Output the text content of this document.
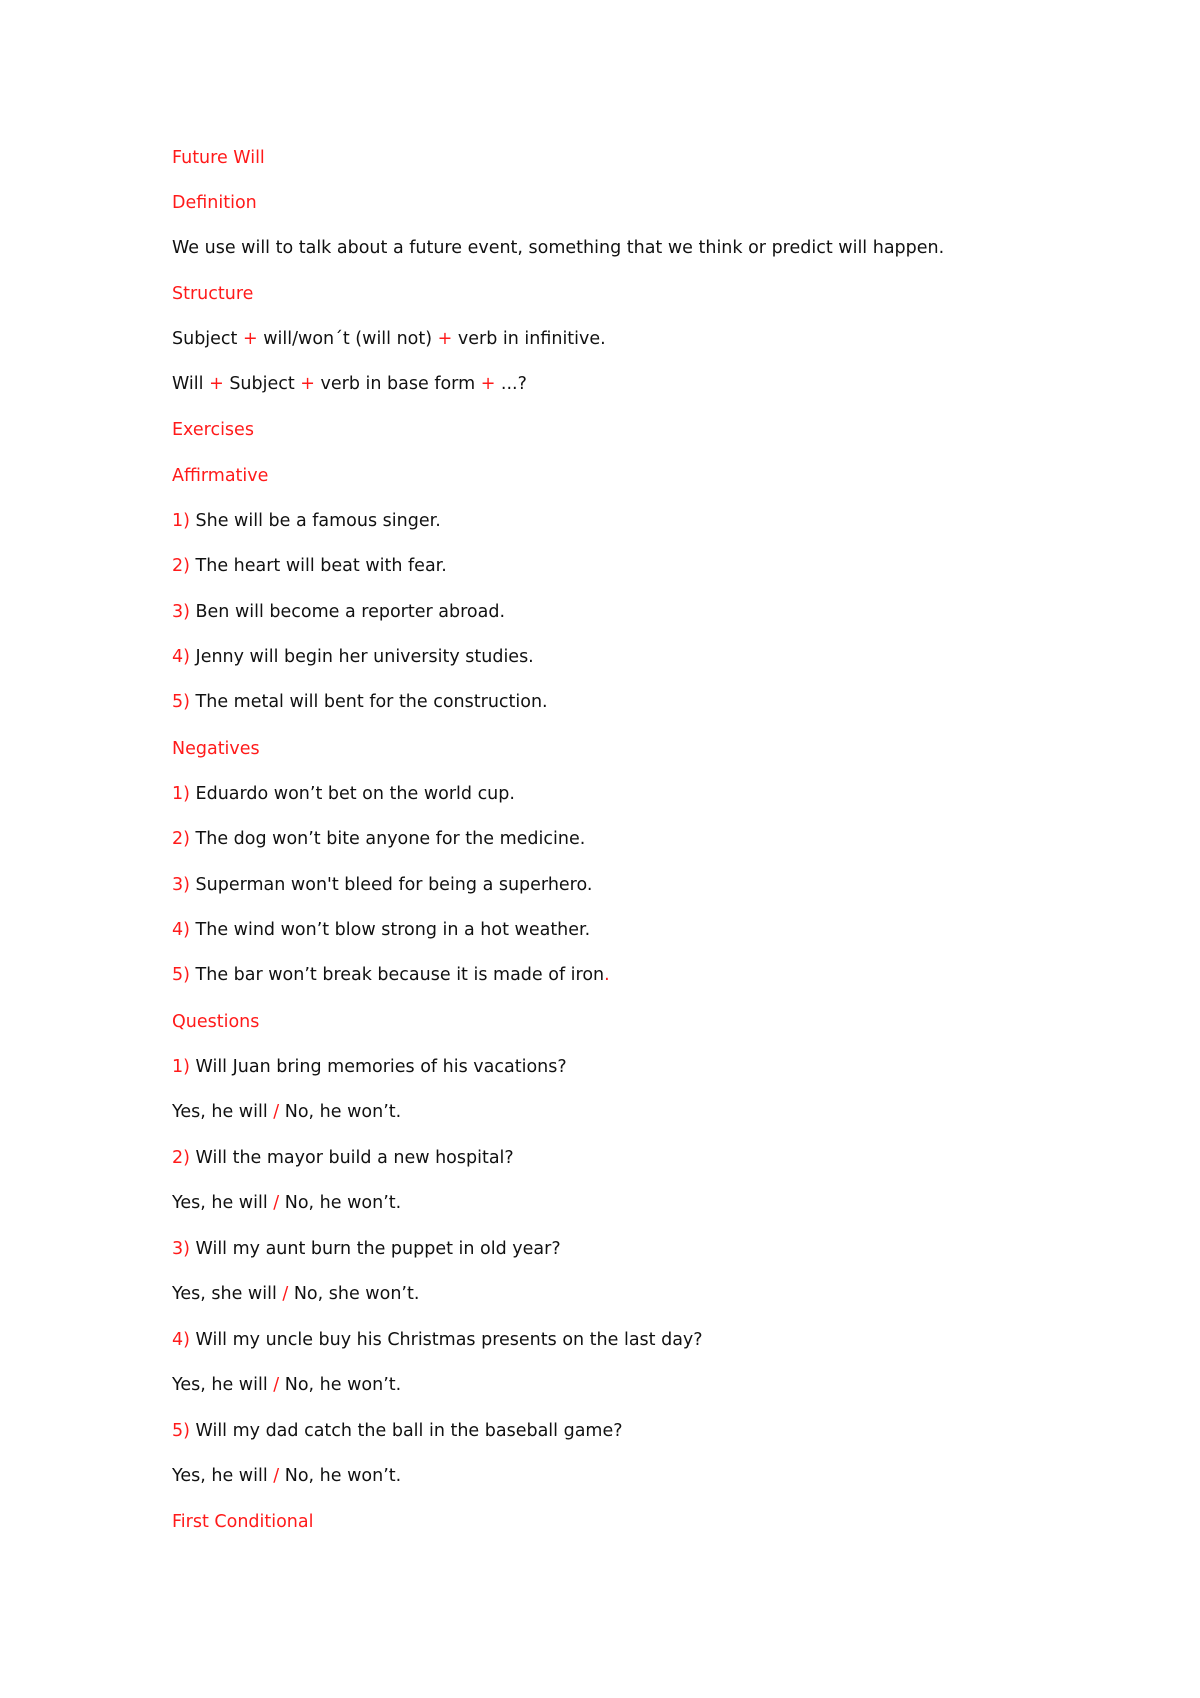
Future Will
Definition
We use will to talk about a future event, something that we think or predict will happen.
Structure
Subject + will/won´t (will not) + verb in infinitive.
Will + Subject + verb in base form + ...?
Exercises
Affirmative
1) She will be a famous singer.
2) The heart will beat with fear.
3) Ben will become a reporter abroad.
4) Jenny will begin her university studies.
5) The metal will bent for the construction.
Negatives
1) Eduardo won’t bet on the world cup.
2) The dog won’t bite anyone for the medicine.
3) Superman won't bleed for being a superhero.
4) The wind won’t blow strong in a hot weather.
5) The bar won’t break because it is made of iron.
Questions
1) Will Juan bring memories of his vacations?
Yes, he will / No, he won’t.
2) Will the mayor build a new hospital?
Yes, he will / No, he won’t.
3) Will my aunt burn the puppet in old year?
Yes, she will / No, she won’t.
4) Will my uncle buy his Christmas presents on the last day?
Yes, he will / No, he won’t.
5) Will my dad catch the ball in the baseball game?
Yes, he will / No, he won’t.
First Conditional
